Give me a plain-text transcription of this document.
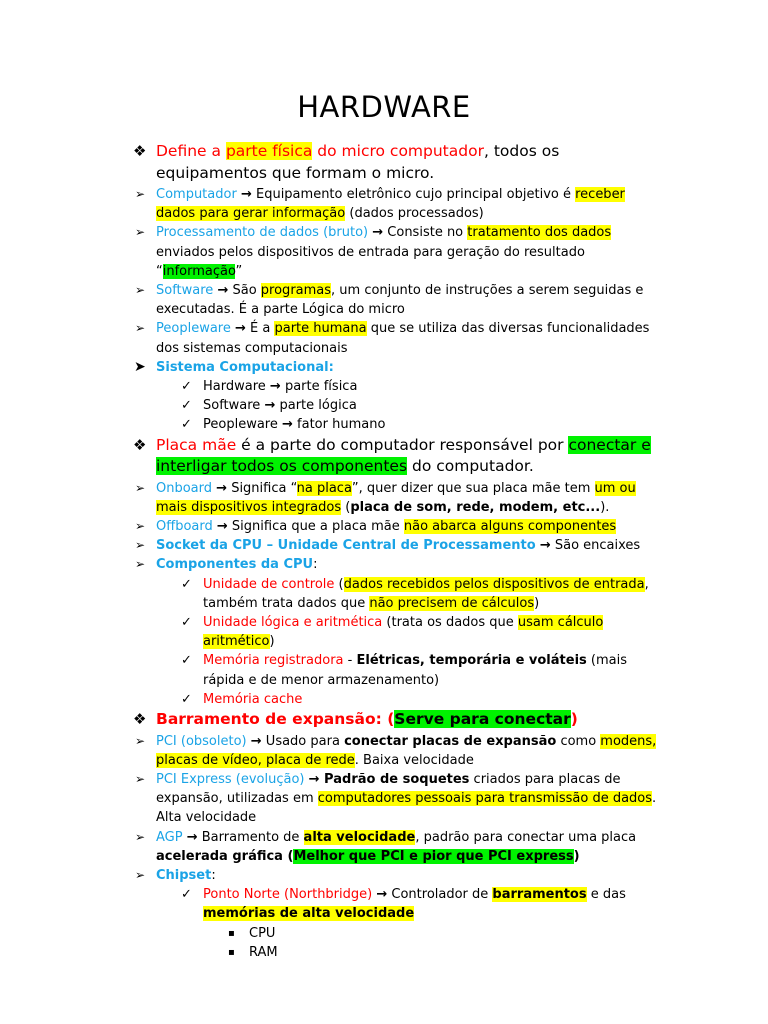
HARDWARE
❖ Define a parte física do micro computador, todos os equipamentos que formam o micro.
➢ Computador → Equipamento eletrônico cujo principal objetivo é receber dados para gerar informação (dados processados)
➢ Processamento de dados (bruto) → Consiste no tratamento dos dados enviados pelos dispositivos de entrada para geração do resultado “informação”
➢ Software → São programas, um conjunto de instruções a serem seguidas e executadas. É a parte Lógica do micro
➢ Peopleware → É a parte humana que se utiliza das diversas funcionalidades dos sistemas computacionais
➤ Sistema Computacional:
✓ Hardware → parte física
✓ Software → parte lógica
✓ Peopleware → fator humano
❖ Placa mãe é a parte do computador responsável por conectar e interligar todos os componentes do computador.
➢ Onboard → Significa “na placa”, quer dizer que sua placa mãe tem um ou mais dispositivos integrados (placa de som, rede, modem, etc...).
➢ Offboard → Significa que a placa mãe não abarca alguns componentes
➢ Socket da CPU – Unidade Central de Processamento → São encaixes
➢ Componentes da CPU:
✓ Unidade de controle (dados recebidos pelos dispositivos de entrada, também trata dados que não precisem de cálculos)
✓ Unidade lógica e aritmética (trata os dados que usam cálculo aritmético)
✓ Memória registradora - Elétricas, temporária e voláteis (mais rápida e de menor armazenamento)
✓ Memória cache
❖ Barramento de expansão: (Serve para conectar)
➢ PCI (obsoleto) → Usado para conectar placas de expansão como modens, placas de vídeo, placa de rede. Baixa velocidade
➢ PCI Express (evolução) → Padrão de soquetes criados para placas de expansão, utilizadas em computadores pessoais para transmissão de dados. Alta velocidade
➢ AGP → Barramento de alta velocidade, padrão para conectar uma placa acelerada gráfica (Melhor que PCI e pior que PCI express)
➢ Chipset:
✓ Ponto Norte (Northbridge) → Controlador de barramentos e das memórias de alta velocidade
▪ CPU
▪ RAM
